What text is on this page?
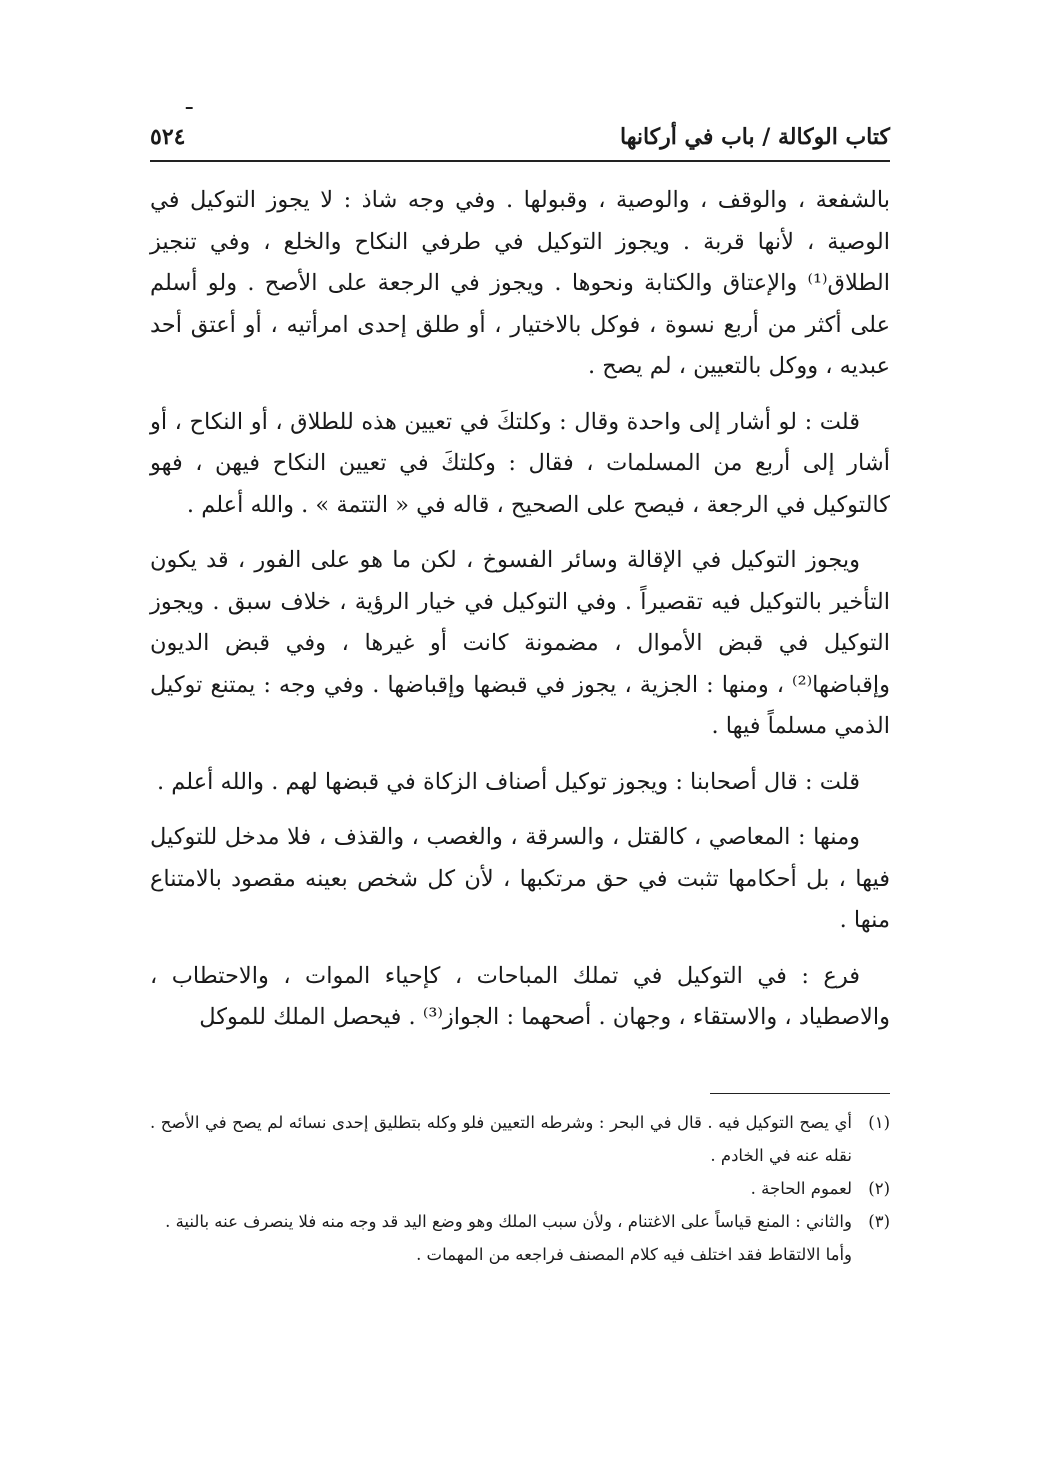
ـ
كتاب الوكالة / باب في أركانها
٥٢٤

بالشفعة ، والوقف ، والوصية ، وقبولها . وفي وجه شاذ : لا يجوز التوكيل في الوصية ، لأنها قربة . ويجوز التوكيل في طرفي النكاح والخلع ، وفي تنجيز الطلاق⁽¹⁾ والإعتاق والكتابة ونحوها . ويجوز في الرجعة على الأصح . ولو أسلم على أكثر من أربع نسوة ، فوكل بالاختيار ، أو طلق إحدى امرأتيه ، أو أعتق أحد عبديه ، ووكل بالتعيين ، لم يصح .

قلت : لو أشار إلى واحدة وقال : وكلتكَ في تعيين هذه للطلاق ، أو النكاح ، أو أشار إلى أربع من المسلمات ، فقال : وكلتكَ في تعيين النكاح فيهن ، فهو كالتوكيل في الرجعة ، فيصح على الصحيح ، قاله في « التتمة » . والله أعلم .

ويجوز التوكيل في الإقالة وسائر الفسوخ ، لكن ما هو على الفور ، قد يكون التأخير بالتوكيل فيه تقصيراً . وفي التوكيل في خيار الرؤية ، خلاف سبق . ويجوز التوكيل في قبض الأموال ، مضمونة كانت أو غيرها ، وفي قبض الديون وإقباضها⁽²⁾ ، ومنها : الجزية ، يجوز في قبضها وإقباضها . وفي وجه : يمتنع توكيل الذمي مسلماً فيها .

قلت : قال أصحابنا : ويجوز توكيل أصناف الزكاة في قبضها لهم . والله أعلم .

ومنها : المعاصي ، كالقتل ، والسرقة ، والغصب ، والقذف ، فلا مدخل للتوكيل فيها ، بل أحكامها تثبت في حق مرتكبها ، لأن كل شخص بعينه مقصود بالامتناع منها .

فرع : في التوكيل في تملك المباحات ، كإحياء الموات ، والاحتطاب ، والاصطياد ، والاستقاء ، وجهان . أصحهما : الجواز⁽³⁾ . فيحصل الملك للموكل

(١)أي يصح التوكيل فيه . قال في البحر : وشرطه التعيين فلو وكله بتطليق إحدى نسائه لم يصح في الأصح . نقله عنه في الخادم .

(٢)لعموم الحاجة .

(٣)والثاني : المنع قياساً على الاغتنام ، ولأن سبب الملك وهو وضع اليد قد وجه منه فلا ينصرف عنه بالنية .

وأما الالتقاط فقد اختلف فيه كلام المصنف فراجعه من المهمات .
